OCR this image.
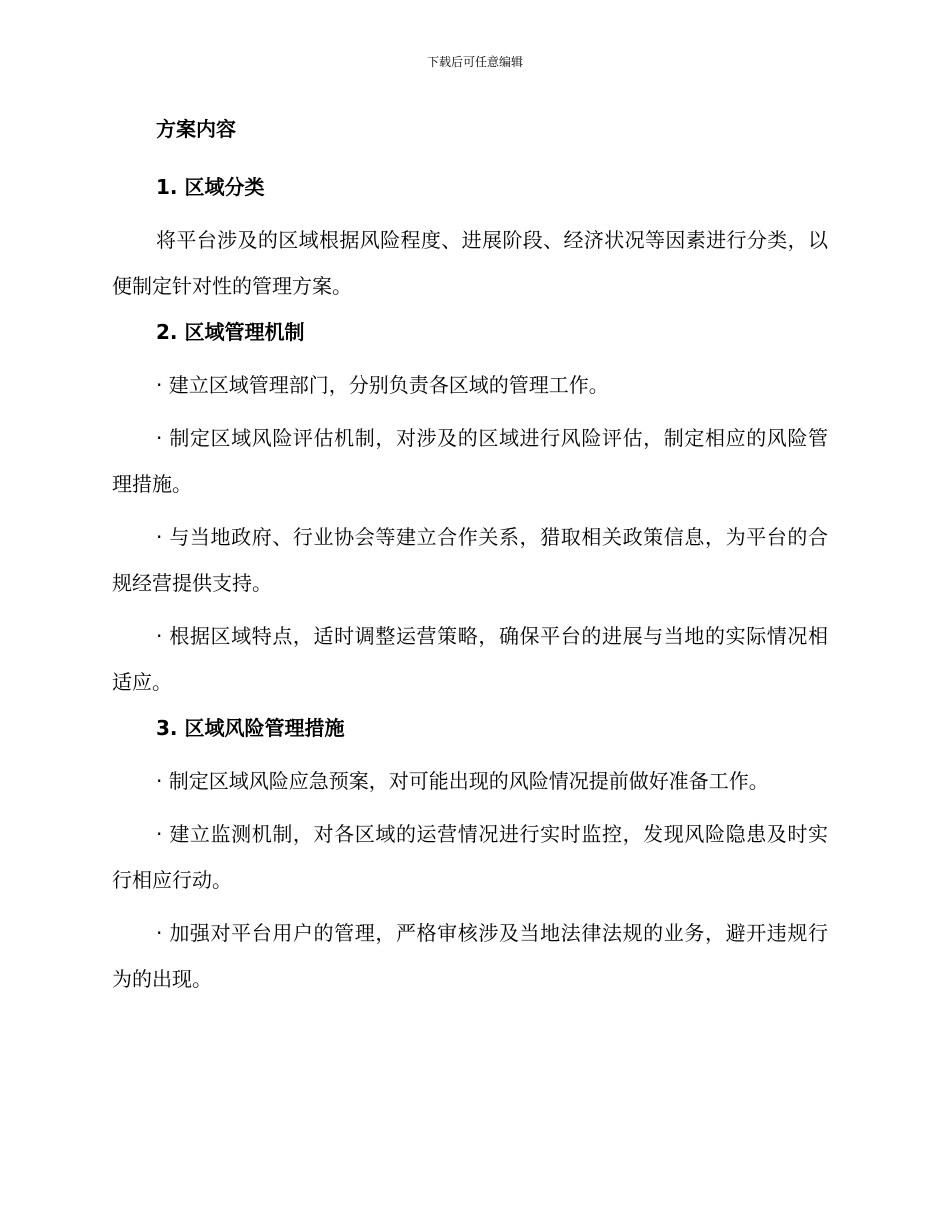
下载后可任意编辑
方案内容
1. 区域分类

将平台涉及的区域根据风险程度、进展阶段、经济状况等因素进行分类，以便制定针对性的管理方案。

2. 区域管理机制

· 建立区域管理部门，分别负责各区域的管理工作。

· 制定区域风险评估机制，对涉及的区域进行风险评估，制定相应的风险管理措施。

· 与当地政府、行业协会等建立合作关系，猎取相关政策信息，为平台的合规经营提供支持。

· 根据区域特点，适时调整运营策略，确保平台的进展与当地的实际情况相适应。

3. 区域风险管理措施

· 制定区域风险应急预案，对可能出现的风险情况提前做好准备工作。

· 建立监测机制，对各区域的运营情况进行实时监控，发现风险隐患及时实行相应行动。

· 加强对平台用户的管理，严格审核涉及当地法律法规的业务，避开违规行为的出现。
